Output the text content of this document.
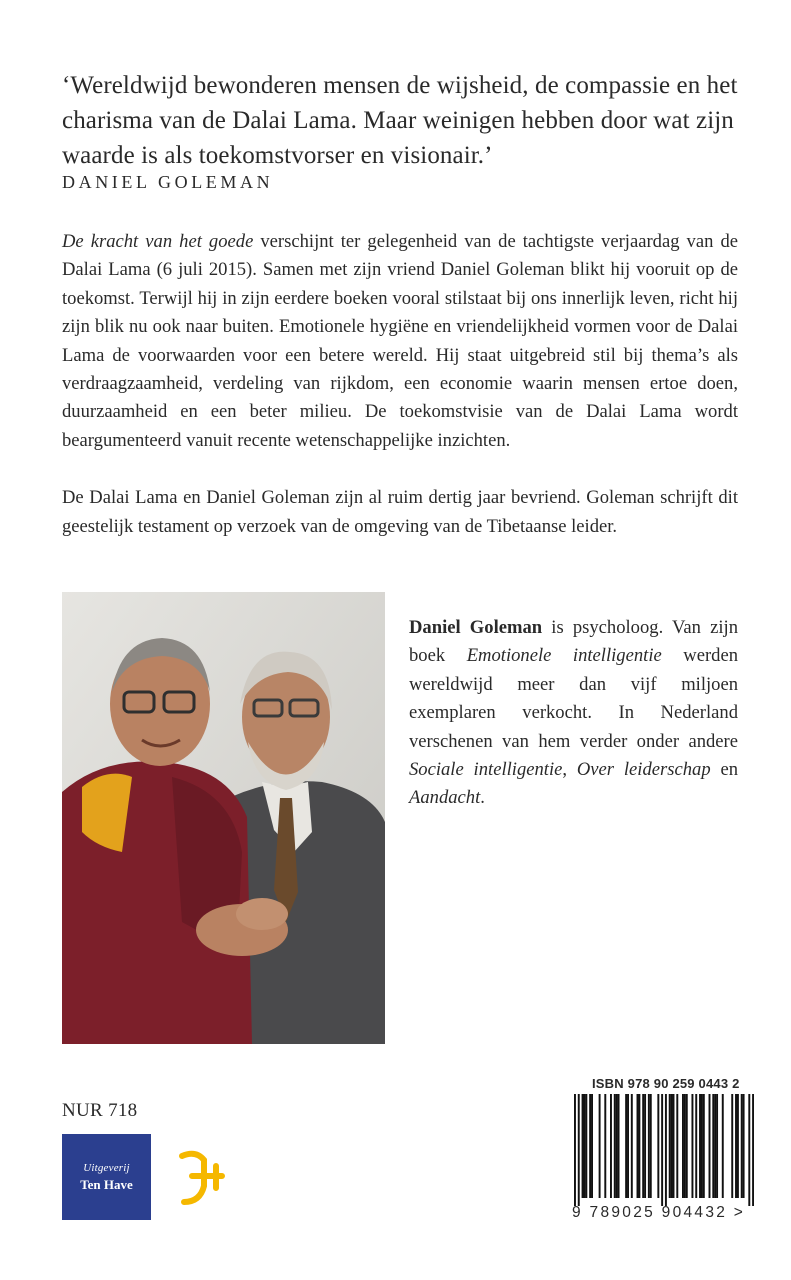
‘Wereldwijd bewonderen mensen de wijsheid, de compassie en het charisma van de Dalai Lama. Maar weinigen hebben door wat zijn waarde is als toekomstvorser en visionair.’
DANIEL GOLEMAN

De kracht van het goede verschijnt ter gelegenheid van de tachtigste verjaardag van de Dalai Lama (6 juli 2015). Samen met zijn vriend Daniel Goleman blikt hij vooruit op de toekomst. Terwijl hij in zijn eerdere boeken vooral stilstaat bij ons innerlijk leven, richt hij zijn blik nu ook naar buiten. Emotionele hygiëne en vriendelijkheid vormen voor de Dalai Lama de voorwaarden voor een betere wereld. Hij staat uitgebreid stil bij thema’s als verdraagzaamheid, verdeling van rijkdom, een economie waarin mensen ertoe doen, duurzaamheid en een beter milieu. De toekomstvisie van de Dalai Lama wordt beargumenteerd vanuit recente wetenschappelijke inzichten.

De Dalai Lama en Daniel Goleman zijn al ruim dertig jaar bevriend. Goleman schrijft dit geestelijk testament op verzoek van de omgeving van de Tibetaanse leider.

Daniel Goleman is psycholoog. Van zijn boek Emotionele intelligentie werden wereldwijd meer dan vijf miljoen exemplaren verkocht. In Nederland verschenen van hem verder onder andere Sociale intelligentie, Over leiderschap en Aandacht.
NUR 718
Uitgeverij
Ten Have
ISBN 978 90 259 0443 2
9 789025 904432 >
